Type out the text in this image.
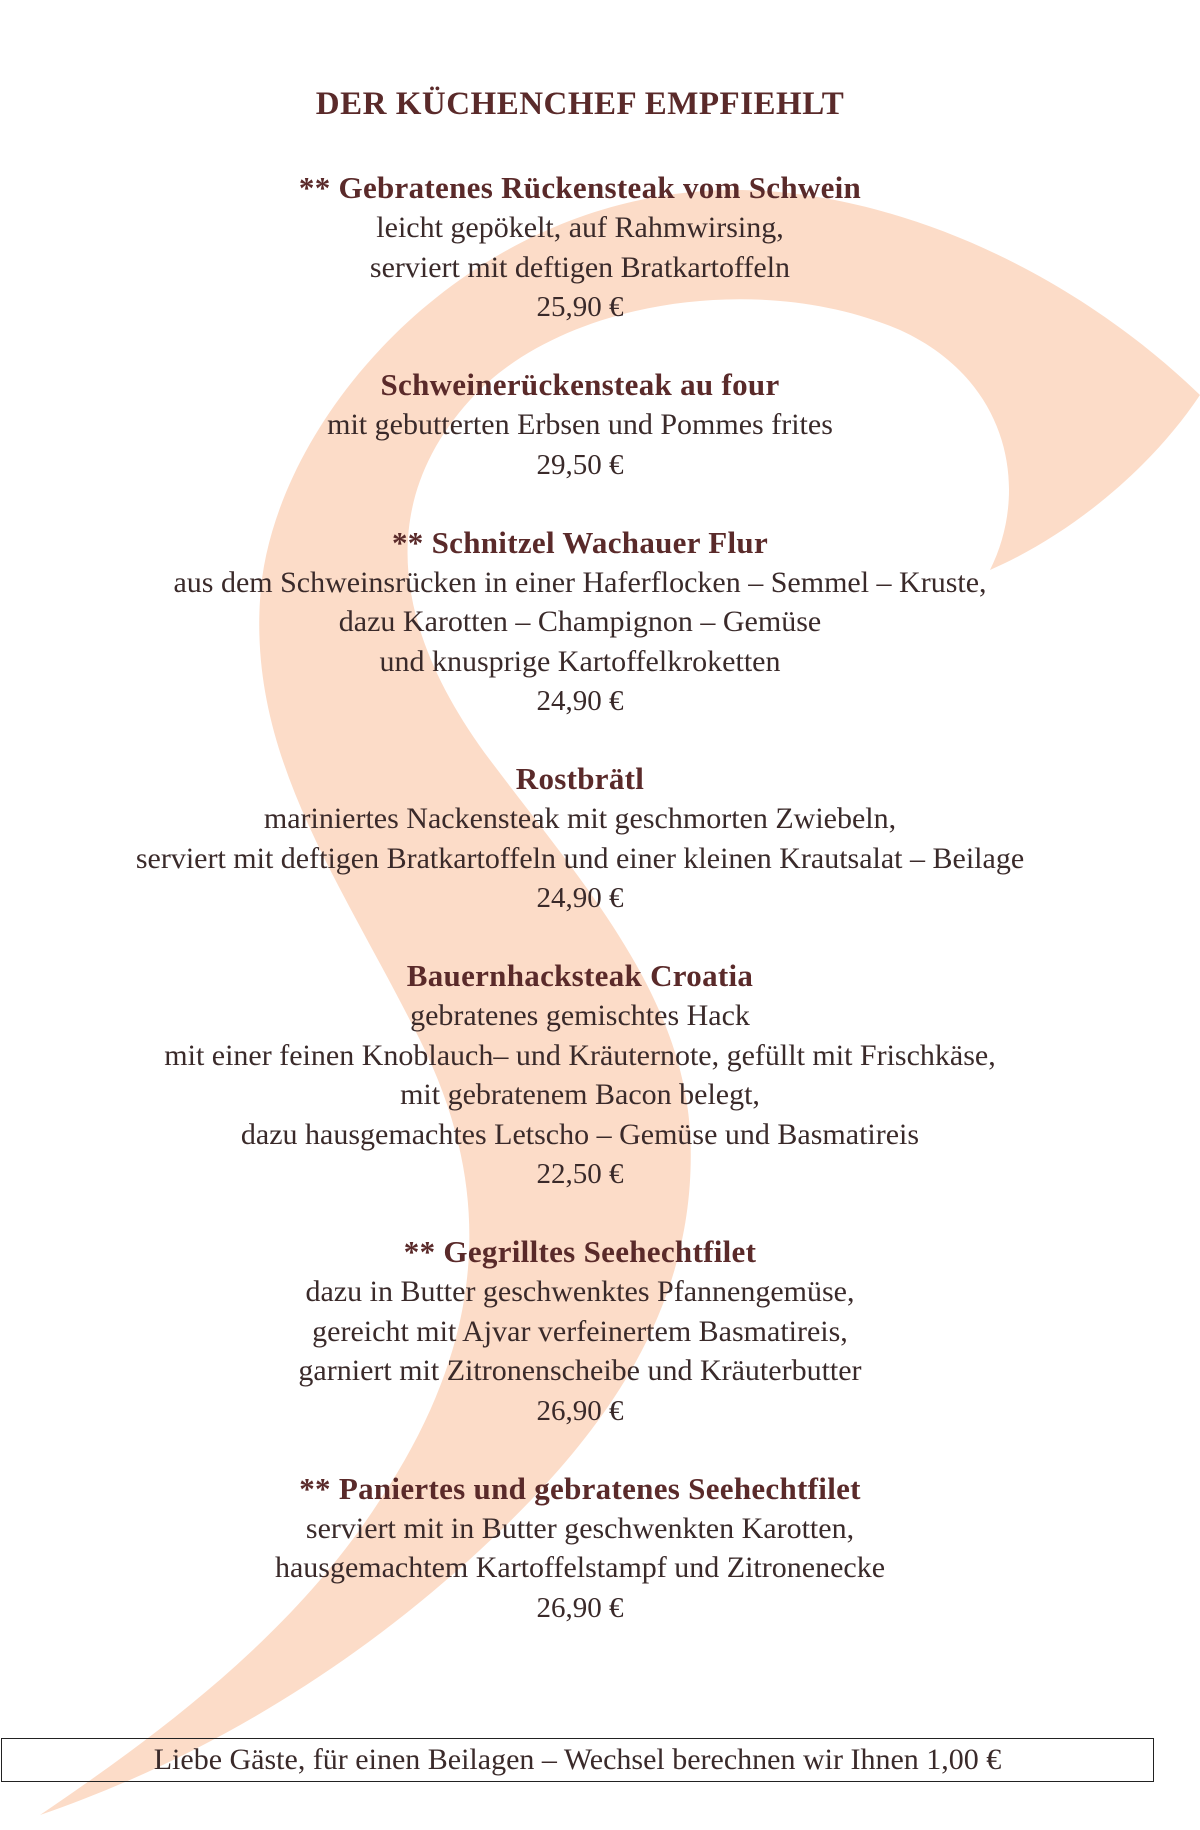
DER KÜCHENCHEF EMPFIEHLT
** Gebratenes Rückensteak vom Schwein
leicht gepökelt, auf Rahmwirsing,
serviert mit deftigen Bratkartoffeln
25,90 €
Schweinerückensteak au four
mit gebutterten Erbsen und Pommes frites
29,50 €
** Schnitzel Wachauer Flur
aus dem Schweinsrücken in einer Haferflocken – Semmel – Kruste,
dazu Karotten – Champignon – Gemüse
und knusprige Kartoffelkroketten
24,90 €
Rostbrätl
mariniertes Nackensteak mit geschmorten Zwiebeln,
serviert mit deftigen Bratkartoffeln und einer kleinen Krautsalat – Beilage
24,90 €
Bauernhacksteak Croatia
gebratenes gemischtes Hack
mit einer feinen Knoblauch– und Kräuternote, gefüllt mit Frischkäse,
mit gebratenem Bacon belegt,
dazu hausgemachtes Letscho – Gemüse und Basmatireis
22,50 €
** Gegrilltes Seehechtfilet
dazu in Butter geschwenktes Pfannengemüse,
gereicht mit Ajvar verfeinertem Basmatireis,
garniert mit Zitronenscheibe und Kräuterbutter
26,90 €
** Paniertes und gebratenes Seehechtfilet
serviert mit in Butter geschwenkten Karotten,
hausgemachtem Kartoffelstampf und Zitronenecke
26,90 €
Liebe Gäste, für einen Beilagen – Wechsel berechnen wir Ihnen 1,00 €
